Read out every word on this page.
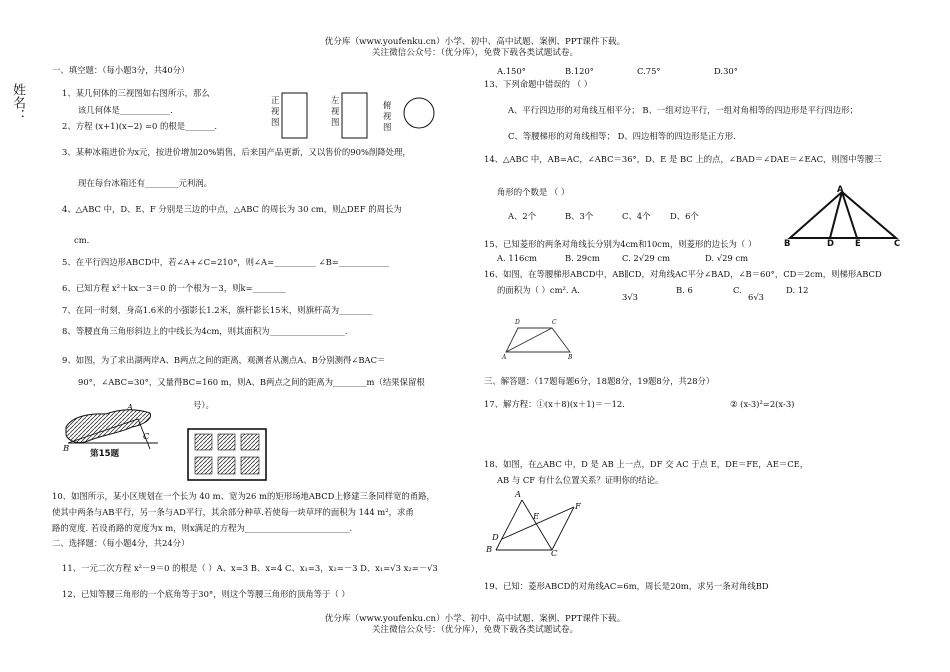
优分库（www.youfenku.cn）小学、初中、高中试题、案例、PPT课件下载。
关注微信公众号：（优分库），免费下载各类试题试卷。
姓名：
一、填空题：（每小题3分，共40分）
1、某几何体的三视图如右图所示，那么
该几何体是____________.
正视图
左视图
俯视图
2、方程 (x+1)(x−2) =0 的根是_______.
3、某种冰箱进价为x元，按进价增加20%销售，后来国产品更新，又以售价的90%削降处理，
现在每台冰箱还有________元利润。
4、△ABC 中，D、E、F 分别是三边的中点，△ABC 的周长为 30 cm，则△DEF 的周长为
cm.
5、在平行四边形ABCD中，若∠A+∠C=210°，则∠A=__________ ∠B=____________
6、已知方程 x²＋kx－3＝0 的一个根为－3，则k=________
7、在同一时刻，身高1.6米的小强影长1.2米，旗杆影长15米，则旗杆高为________
8、等腰直角三角形斜边上的中线长为4cm，则其面积为__________________.
9、如图，为了求出湖两岸A、B两点之间的距离，观测者从测点A、B分别测得∠BAC＝
90°，∠ABC=30°，又量得BC=160 m，则A、B两点之间的距离为________m（结果保留根
号）。
A
B
C
第15题
10、如图所示，某小区规划在一个长为 40 m、宽为26 m的矩形场地ABCD上修建三条同样宽的甬路，
使其中两条与AB平行，另一条与AD平行，其余部分种草.若使每一块草坪的面积为 144 m²，求甬
路的宽度. 若设甬路的宽度为x m，则x满足的方程为_________________________.
二、选择题：（每小题4分，共24分）
11、一元二次方程 x²－9＝0 的根是（ ）A、x=3 B、x=4 C、x₁=3，x₂=－3 D、x₁=√3 x₂=－√3
12、已知等腰三角形的一个底角等于30°，则这个等腰三角形的顶角等于（ ）
A.150°	B.120°	C.75°	D.30°
13、下列命题中错误的 （ ）
A、平行四边形的对角线互相平分； B、一组对边平行，一组对角相等的四边形是平行四边形；
C、等腰梯形的对角线相等； D、四边相等的四边形是正方形.
14、△ABC 中，AB=AC，∠ABC＝36°，D、E 是 BC 上的点，∠BAD＝∠DAE＝∠EAC，则图中等腰三
角形的个数是 （ ）
A、2个	B、3个	C、4个 D、6个
A
B	D	E	C
15、已知菱形的两条对角线长分别为4cm和10cm，则菱形的边长为（ ）
A. 116cm	B. 29cm	C. 2√29 cm	D. √29 cm
16、如图，在等腰梯形ABCD中，AB∥CD，对角线AC平分∠BAD，∠B＝60°，CD＝2cm，则梯形ABCD
的面积为（ ）cm². A.
3√3
B. 6	C.
6√3
D. 12
D	C
A	B
三、解答题：（17题每题6分，18题8分，19题8分，共28分）
17、解方程：①(x＋8)(x＋1)＝－12．	② (x-3)²=2(x-3)
18、如图，在△ABC 中，D 是 AB 上一点，DF 交 AC 于点 E，DE＝FE，AE＝CE，
AB 与 CF 有什么位置关系？证明你的结论。
A
E
F
D
B	C
19、已知：菱形ABCD的对角线AC=6m，周长是20m，求另一条对角线BD
优分库（www.youfenku.cn）小学、初中、高中试题、案例、PPT课件下载。
关注微信公众号：（优分库），免费下载各类试题试卷。
